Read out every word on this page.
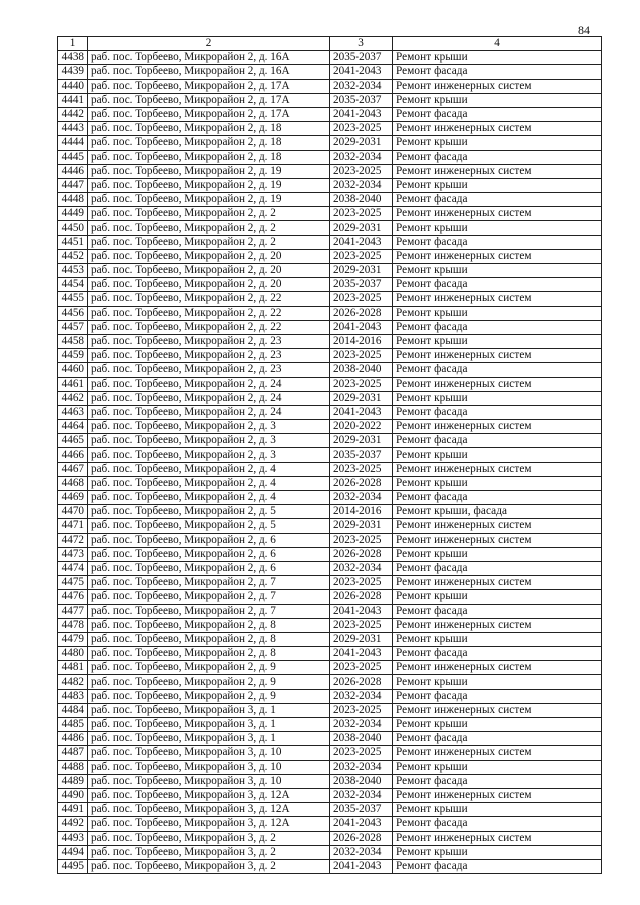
84
1	2	3	4
4438	раб. пос. Торбеево, Микрорайон 2, д. 16А	2035-2037	Ремонт крыши
4439	раб. пос. Торбеево, Микрорайон 2, д. 16А	2041-2043	Ремонт фасада
4440	раб. пос. Торбеево, Микрорайон 2, д. 17А	2032-2034	Ремонт инженерных систем
4441	раб. пос. Торбеево, Микрорайон 2, д. 17А	2035-2037	Ремонт крыши
4442	раб. пос. Торбеево, Микрорайон 2, д. 17А	2041-2043	Ремонт фасада
4443	раб. пос. Торбеево, Микрорайон 2, д. 18	2023-2025	Ремонт инженерных систем
4444	раб. пос. Торбеево, Микрорайон 2, д. 18	2029-2031	Ремонт крыши
4445	раб. пос. Торбеево, Микрорайон 2, д. 18	2032-2034	Ремонт фасада
4446	раб. пос. Торбеево, Микрорайон 2, д. 19	2023-2025	Ремонт инженерных систем
4447	раб. пос. Торбеево, Микрорайон 2, д. 19	2032-2034	Ремонт крыши
4448	раб. пос. Торбеево, Микрорайон 2, д. 19	2038-2040	Ремонт фасада
4449	раб. пос. Торбеево, Микрорайон 2, д. 2	2023-2025	Ремонт инженерных систем
4450	раб. пос. Торбеево, Микрорайон 2, д. 2	2029-2031	Ремонт крыши
4451	раб. пос. Торбеево, Микрорайон 2, д. 2	2041-2043	Ремонт фасада
4452	раб. пос. Торбеево, Микрорайон 2, д. 20	2023-2025	Ремонт инженерных систем
4453	раб. пос. Торбеево, Микрорайон 2, д. 20	2029-2031	Ремонт крыши
4454	раб. пос. Торбеево, Микрорайон 2, д. 20	2035-2037	Ремонт фасада
4455	раб. пос. Торбеево, Микрорайон 2, д. 22	2023-2025	Ремонт инженерных систем
4456	раб. пос. Торбеево, Микрорайон 2, д. 22	2026-2028	Ремонт крыши
4457	раб. пос. Торбеево, Микрорайон 2, д. 22	2041-2043	Ремонт фасада
4458	раб. пос. Торбеево, Микрорайон 2, д. 23	2014-2016	Ремонт крыши
4459	раб. пос. Торбеево, Микрорайон 2, д. 23	2023-2025	Ремонт инженерных систем
4460	раб. пос. Торбеево, Микрорайон 2, д. 23	2038-2040	Ремонт фасада
4461	раб. пос. Торбеево, Микрорайон 2, д. 24	2023-2025	Ремонт инженерных систем
4462	раб. пос. Торбеево, Микрорайон 2, д. 24	2029-2031	Ремонт крыши
4463	раб. пос. Торбеево, Микрорайон 2, д. 24	2041-2043	Ремонт фасада
4464	раб. пос. Торбеево, Микрорайон 2, д. 3	2020-2022	Ремонт инженерных систем
4465	раб. пос. Торбеево, Микрорайон 2, д. 3	2029-2031	Ремонт фасада
4466	раб. пос. Торбеево, Микрорайон 2, д. 3	2035-2037	Ремонт крыши
4467	раб. пос. Торбеево, Микрорайон 2, д. 4	2023-2025	Ремонт инженерных систем
4468	раб. пос. Торбеево, Микрорайон 2, д. 4	2026-2028	Ремонт крыши
4469	раб. пос. Торбеево, Микрорайон 2, д. 4	2032-2034	Ремонт фасада
4470	раб. пос. Торбеево, Микрорайон 2, д. 5	2014-2016	Ремонт крыши, фасада
4471	раб. пос. Торбеево, Микрорайон 2, д. 5	2029-2031	Ремонт инженерных систем
4472	раб. пос. Торбеево, Микрорайон 2, д. 6	2023-2025	Ремонт инженерных систем
4473	раб. пос. Торбеево, Микрорайон 2, д. 6	2026-2028	Ремонт крыши
4474	раб. пос. Торбеево, Микрорайон 2, д. 6	2032-2034	Ремонт фасада
4475	раб. пос. Торбеево, Микрорайон 2, д. 7	2023-2025	Ремонт инженерных систем
4476	раб. пос. Торбеево, Микрорайон 2, д. 7	2026-2028	Ремонт крыши
4477	раб. пос. Торбеево, Микрорайон 2, д. 7	2041-2043	Ремонт фасада
4478	раб. пос. Торбеево, Микрорайон 2, д. 8	2023-2025	Ремонт инженерных систем
4479	раб. пос. Торбеево, Микрорайон 2, д. 8	2029-2031	Ремонт крыши
4480	раб. пос. Торбеево, Микрорайон 2, д. 8	2041-2043	Ремонт фасада
4481	раб. пос. Торбеево, Микрорайон 2, д. 9	2023-2025	Ремонт инженерных систем
4482	раб. пос. Торбеево, Микрорайон 2, д. 9	2026-2028	Ремонт крыши
4483	раб. пос. Торбеево, Микрорайон 2, д. 9	2032-2034	Ремонт фасада
4484	раб. пос. Торбеево, Микрорайон 3, д. 1	2023-2025	Ремонт инженерных систем
4485	раб. пос. Торбеево, Микрорайон 3, д. 1	2032-2034	Ремонт крыши
4486	раб. пос. Торбеево, Микрорайон 3, д. 1	2038-2040	Ремонт фасада
4487	раб. пос. Торбеево, Микрорайон 3, д. 10	2023-2025	Ремонт инженерных систем
4488	раб. пос. Торбеево, Микрорайон 3, д. 10	2032-2034	Ремонт крыши
4489	раб. пос. Торбеево, Микрорайон 3, д. 10	2038-2040	Ремонт фасада
4490	раб. пос. Торбеево, Микрорайон 3, д. 12А	2032-2034	Ремонт инженерных систем
4491	раб. пос. Торбеево, Микрорайон 3, д. 12А	2035-2037	Ремонт крыши
4492	раб. пос. Торбеево, Микрорайон 3, д. 12А	2041-2043	Ремонт фасада
4493	раб. пос. Торбеево, Микрорайон 3, д. 2	2026-2028	Ремонт инженерных систем
4494	раб. пос. Торбеево, Микрорайон 3, д. 2	2032-2034	Ремонт крыши
4495	раб. пос. Торбеево, Микрорайон 3, д. 2	2041-2043	Ремонт фасада
